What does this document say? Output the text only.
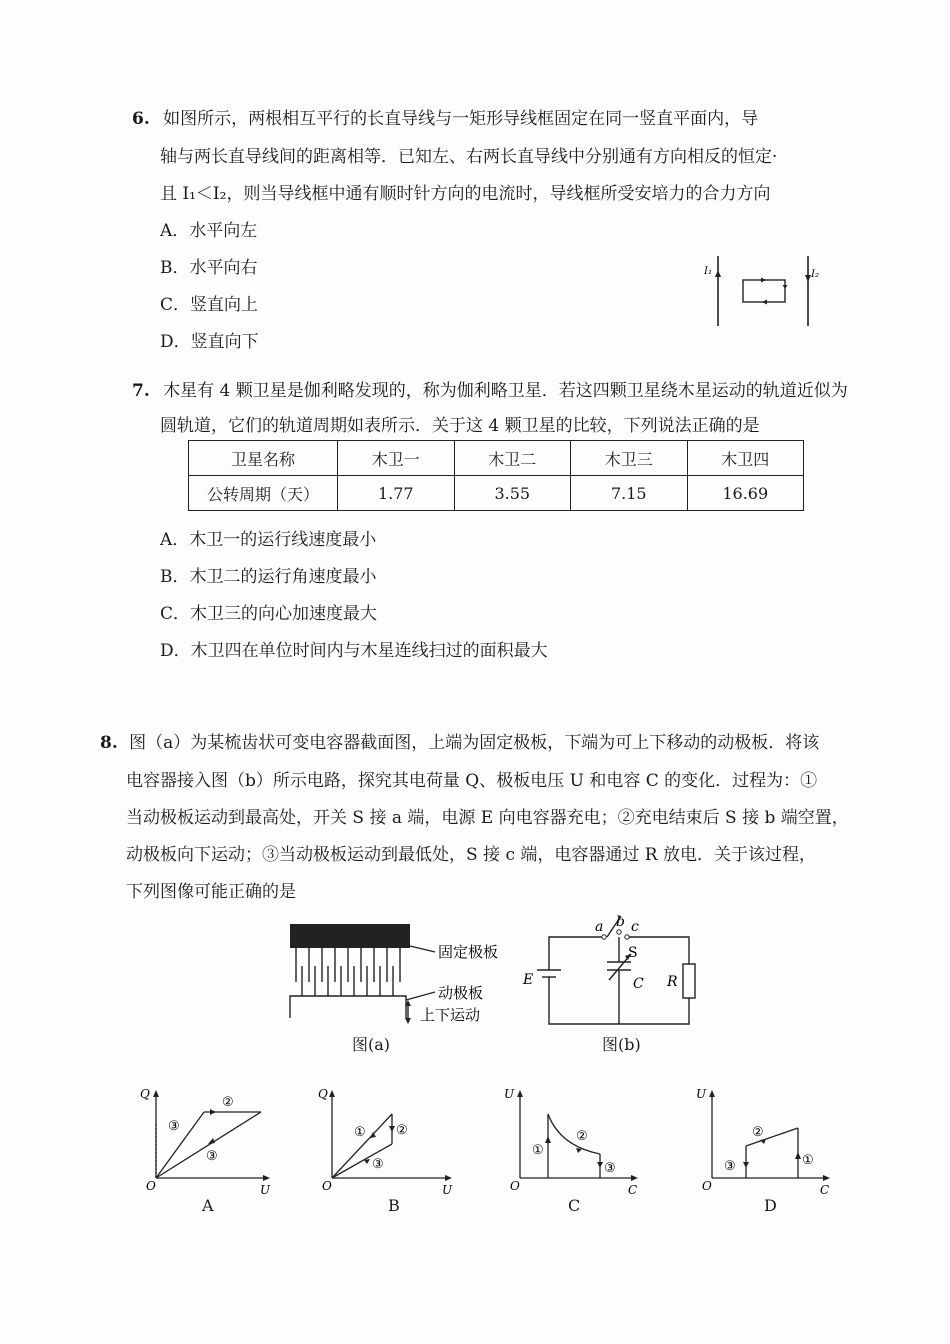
6. 如图所示，两根相互平行的长直导线与一矩形导线框固定在同一竖直平面内，导
轴与两长直导线间的距离相等．已知左、右两长直导线中分别通有方向相反的恒定·
且 I₁＜I₂，则当导线框中通有顺时针方向的电流时，导线框所受安培力的合力方向
A．水平向左
B．水平向右
C．竖直向上
D．竖直向下
I₁	I₂
7. 木星有 4 颗卫星是伽利略发现的，称为伽利略卫星．若这四颗卫星绕木星运动的轨道近似为
圆轨道，它们的轨道周期如表所示．关于这 4 颗卫星的比较，下列说法正确的是
卫星名称	木卫一	木卫二	木卫三	木卫四
公转周期（天）	1.77	3.55	7.15	16.69
A．木卫一的运行线速度最小
B．木卫二的运行角速度最小
C．木卫三的向心加速度最大
D．木卫四在单位时间内与木星连线扫过的面积最大
8. 图（a）为某梳齿状可变电容器截面图，上端为固定极板，下端为可上下移动的动极板．将该
电容器接入图（b）所示电路，探究其电荷量 Q、极板电压 U 和电容 C 的变化．过程为：①
当动极板运动到最高处，开关 S 接 a 端，电源 E 向电容器充电；②充电结束后 S 接 b 端空置，
动极板向下运动；③当动极板运动到最低处，S 接 c 端，电容器通过 R 放电．关于该过程，
下列图像可能正确的是
固定极板
动极板
上下运动
图(a)
a b c
S
E	C R
图(b)
Q
U
O
②
③
③
A
Q
U
O
① ②
③
B
U
C
O
①
②
③
C
U
C
O
②
③	①
D
